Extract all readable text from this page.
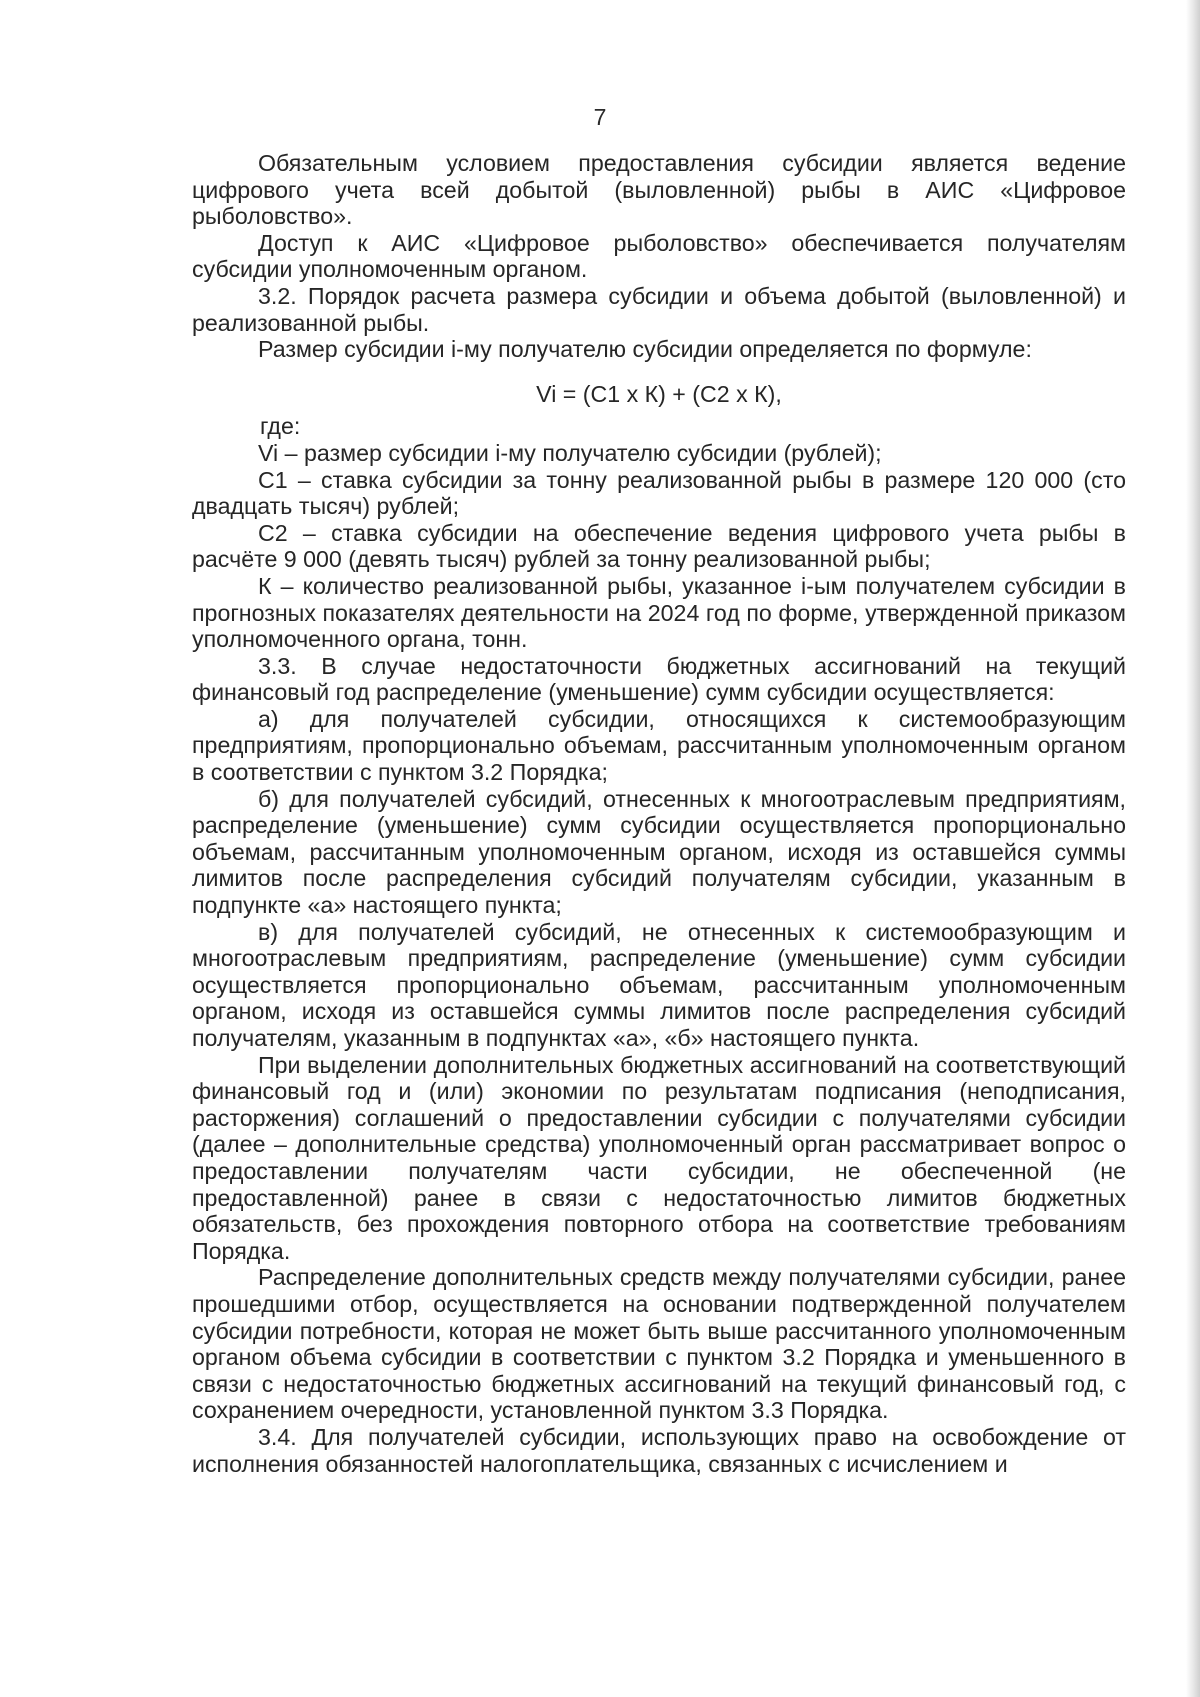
7

Обязательным условием предоставления субсидии является ведение цифрового учета всей добытой (выловленной) рыбы в АИС «Цифровое рыболовство».

Доступ к АИС «Цифровое рыболовство» обеспечивается получателям субсидии уполномоченным органом.

3.2. Порядок расчета размера субсидии и объема добытой (выловленной) и реализованной рыбы.

Размер субсидии i-му получателю субсидии определяется по формуле:

Vi = (С1 х К) + (С2 х К),

где:

Vi – размер субсидии i-му получателю субсидии (рублей);

С1 – ставка субсидии за тонну реализованной рыбы в размере 120 000 (сто двадцать тысяч) рублей;

С2 – ставка субсидии на обеспечение ведения цифрового учета рыбы в расчёте 9 000 (девять тысяч) рублей за тонну реализованной рыбы;

К – количество реализованной рыбы, указанное i-ым получателем субсидии в прогнозных показателях деятельности на 2024 год по форме, утвержденной приказом уполномоченного органа, тонн.

3.3. В случае недостаточности бюджетных ассигнований на текущий финансовый год распределение (уменьшение) сумм субсидии осуществляется:

а) для получателей субсидии, относящихся к системообразующим предприятиям, пропорционально объемам, рассчитанным уполномоченным органом в соответствии с пунктом 3.2 Порядка;

б) для получателей субсидий, отнесенных к многоотраслевым предприятиям, распределение (уменьшение) сумм субсидии осуществляется пропорционально объемам, рассчитанным уполномоченным органом, исходя из оставшейся суммы лимитов после распределения субсидий получателям субсидии, указанным в подпункте «а» настоящего пункта;

в) для получателей субсидий, не отнесенных к системообразующим и многоотраслевым предприятиям, распределение (уменьшение) сумм субсидии осуществляется пропорционально объемам, рассчитанным уполномоченным органом, исходя из оставшейся суммы лимитов после распределения субсидий получателям, указанным в подпунктах «а», «б» настоящего пункта.

При выделении дополнительных бюджетных ассигнований на соответствующий финансовый год и (или) экономии по результатам подписания (неподписания, расторжения) соглашений о предоставлении субсидии с получателями субсидии (далее – дополнительные средства) уполномоченный орган рассматривает вопрос о предоставлении получателям части субсидии, не обеспеченной (не предоставленной) ранее в связи с недостаточностью лимитов бюджетных обязательств, без прохождения повторного отбора на соответствие требованиям Порядка.

Распределение дополнительных средств между получателями субсидии, ранее прошедшими отбор, осуществляется на основании подтвержденной получателем субсидии потребности, которая не может быть выше рассчитанного уполномоченным органом объема субсидии в соответствии с пунктом 3.2 Порядка и уменьшенного в связи с недостаточностью бюджетных ассигнований на текущий финансовый год, с сохранением очередности, установленной пунктом 3.3 Порядка.

3.4. Для получателей субсидии, использующих право на освобождение от исполнения обязанностей налогоплательщика, связанных с исчислением и
